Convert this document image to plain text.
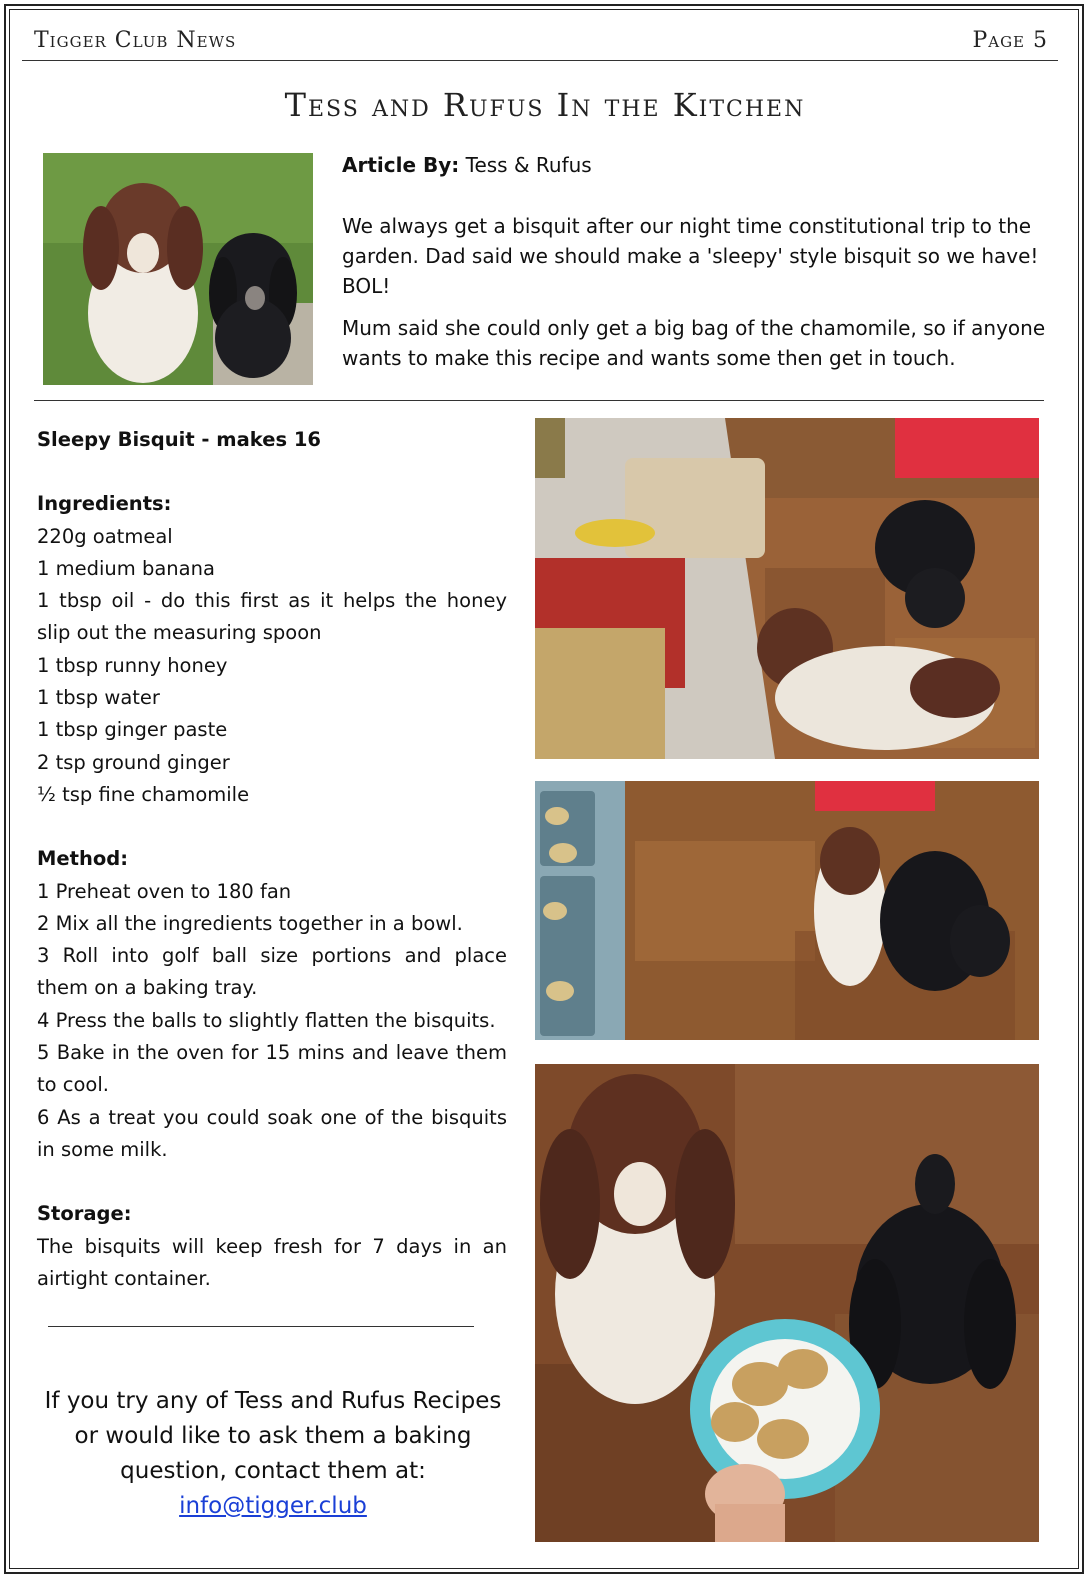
Tigger Club News	Page 5
Tess and Rufus In the Kitchen

Article By: Tess & Rufus

We always get a bisquit after our night time constitutional trip to the garden. Dad said we should make a 'sleepy' style bisquit so we have! BOL!

Mum said she could only get a big bag of the chamomile, so if anyone wants to make this recipe and wants some then get in touch.

Sleepy Bisquit - makes 16

Ingredients:

220g oatmeal

1 medium banana

1 tbsp oil - do this first as it helps the honey slip out the measuring spoon

1 tbsp runny honey

1 tbsp water

1 tbsp ginger paste

2 tsp ground ginger

½ tsp fine chamomile

Method:

1 Preheat oven to 180 fan

2 Mix all the ingredients together in a bowl.

3 Roll into golf ball size portions and place them on a baking tray.

4 Press the balls to slightly flatten the bisquits.

5 Bake in the oven for 15 mins and leave them to cool.

6 As a treat you could soak one of the bisquits in some milk.

Storage:

The bisquits will keep fresh for 7 days in an airtight container.

If you try any of Tess and Rufus Recipes
or would like to ask them a baking
question, contact them at:
info@tigger.club
